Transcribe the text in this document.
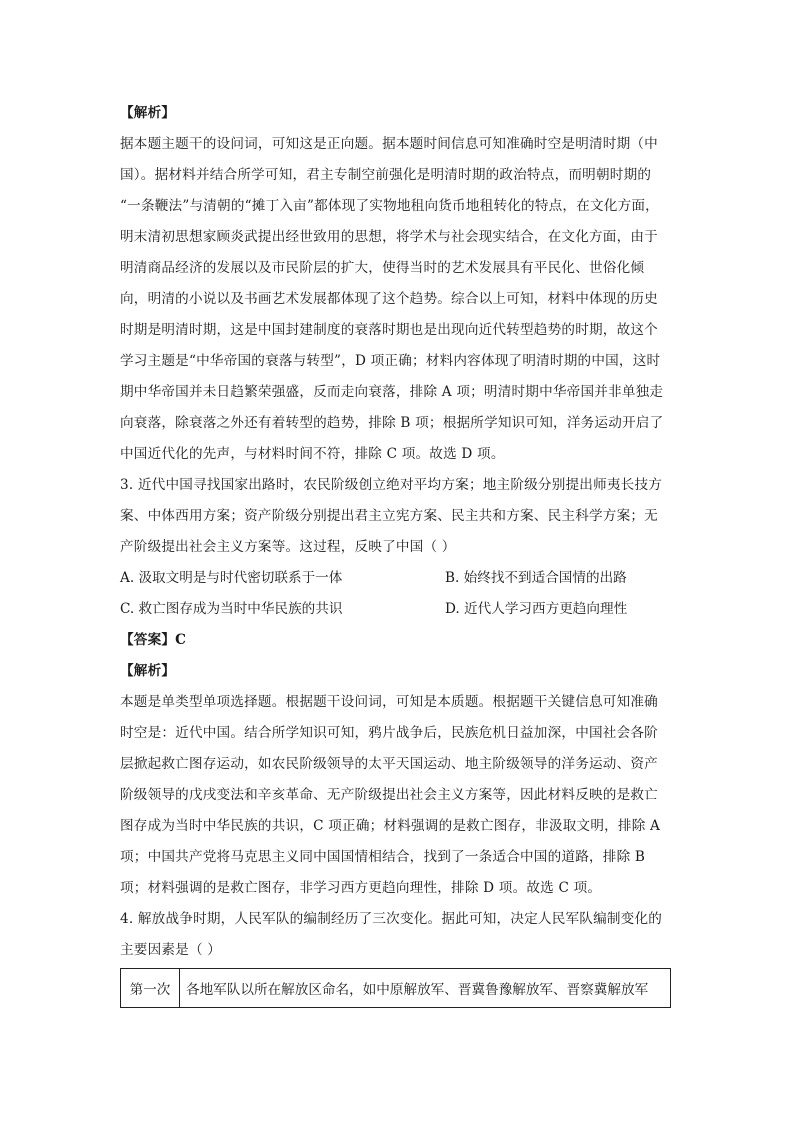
【解析】
据本题主题干的设问词，可知这是正向题。据本题时间信息可知准确时空是明清时期（中
国）。据材料并结合所学可知，君主专制空前强化是明清时期的政治特点，而明朝时期的
“一条鞭法”与清朝的“摊丁入亩”都体现了实物地租向货币地租转化的特点，在文化方面，
明末清初思想家顾炎武提出经世致用的思想，将学术与社会现实结合，在文化方面，由于
明清商品经济的发展以及市民阶层的扩大，使得当时的艺术发展具有平民化、世俗化倾
向，明清的小说以及书画艺术发展都体现了这个趋势。综合以上可知，材料中体现的历史
时期是明清时期，这是中国封建制度的衰落时期也是出现向近代转型趋势的时期，故这个
学习主题是“中华帝国的衰落与转型”，D 项正确；材料内容体现了明清时期的中国，这时
期中华帝国并未日趋繁荣强盛，反而走向衰落，排除 A 项；明清时期中华帝国并非单独走
向衰落，除衰落之外还有着转型的趋势，排除 B 项；根据所学知识可知，洋务运动开启了
中国近代化的先声，与材料时间不符，排除 C 项。故选 D 项。
3. 近代中国寻找国家出路时，农民阶级创立绝对平均方案；地主阶级分别提出师夷长技方
案、中体西用方案；资产阶级分别提出君主立宪方案、民主共和方案、民主科学方案；无
产阶级提出社会主义方案等。这过程，反映了中国（ ）
A. 汲取文明是与时代密切联系于一体	B. 始终找不到适合国情的出路
C. 救亡图存成为当时中华民族的共识	D. 近代人学习西方更趋向理性
【答案】C
【解析】
本题是单类型单项选择题。根据题干设问词，可知是本质题。根据题干关键信息可知准确
时空是：近代中国。结合所学知识可知，鸦片战争后，民族危机日益加深，中国社会各阶
层掀起救亡图存运动，如农民阶级领导的太平天国运动、地主阶级领导的洋务运动、资产
阶级领导的戊戌变法和辛亥革命、无产阶级提出社会主义方案等，因此材料反映的是救亡
图存成为当时中华民族的共识，C 项正确；材料强调的是救亡图存，非汲取文明，排除 A
项；中国共产党将马克思主义同中国国情相结合，找到了一条适合中国的道路，排除 B
项；材料强调的是救亡图存，非学习西方更趋向理性，排除 D 项。故选 C 项。
4. 解放战争时期，人民军队的编制经历了三次变化。据此可知，决定人民军队编制变化的
主要因素是（ ）
第一次	各地军队以所在解放区命名，如中原解放军、晋冀鲁豫解放军、晋察冀解放军
